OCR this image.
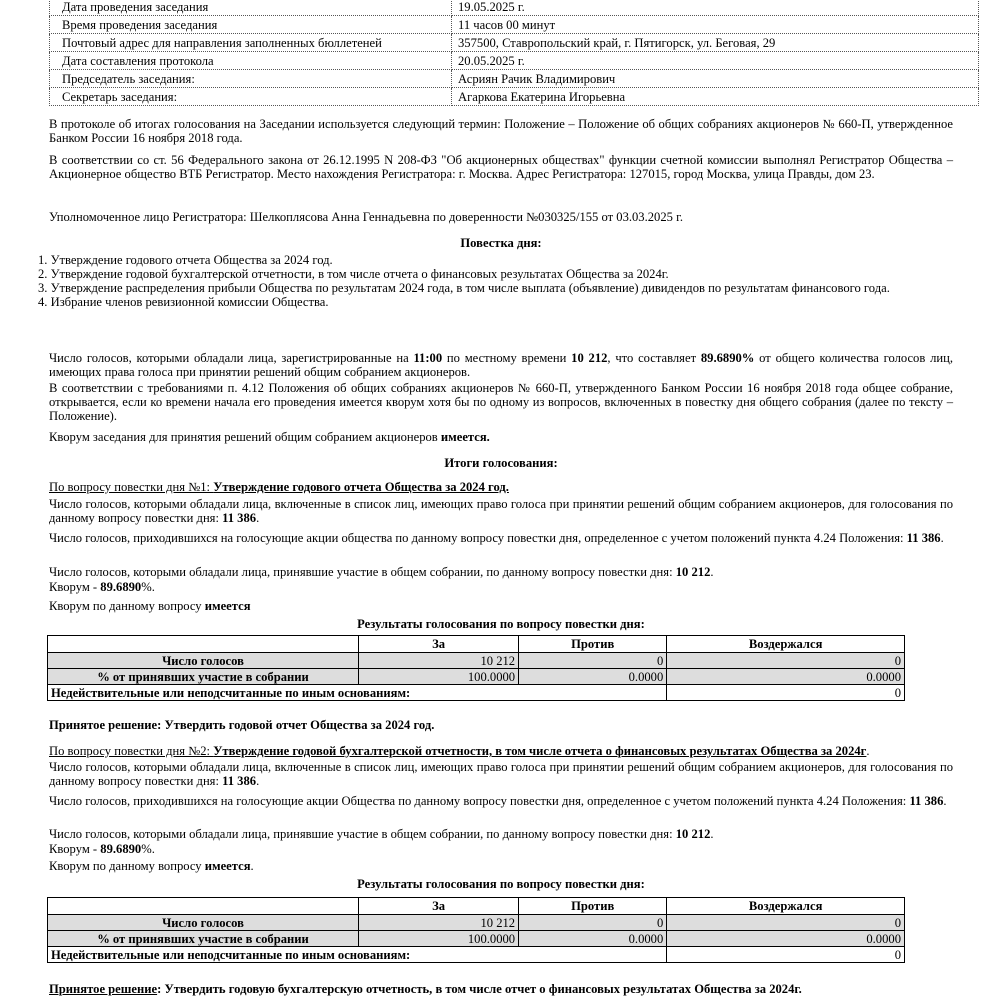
Дата проведения заседания	19.05.2025 г.
Время проведения заседания	11 часов 00 минут
Почтовый адрес для направления заполненных бюллетеней	357500, Ставропольский край, г. Пятигорск, ул. Беговая, 29
Дата составления протокола	20.05.2025 г.
Председатель заседания:	Асриян Рачик Владимирович
Секретарь заседания:	Агаркова Екатерина Игорьевна

В протоколе об итогах голосования на Заседании используется следующий термин: Положение – Положение об общих собраниях акционеров № 660-П, утвержденное Банком России 16 ноября 2018 года.

В соответствии со ст. 56 Федерального закона от 26.12.1995 N 208-ФЗ "Об акционерных обществах" функции счетной комиссии выполнял Регистратор Общества – Акционерное общество ВТБ Регистратор. Место нахождения Регистратора: г. Москва. Адрес Регистратора: 127015, город Москва, улица Правды, дом 23.

Уполномоченное лицо Регистратора: Шелкоплясова Анна Геннадьевна по доверенности №030325/155 от 03.03.2025 г.

Повестка дня:
1. Утверждение годового отчета Общества за 2024 год.
2. Утверждение годовой бухгалтерской отчетности, в том числе отчета о финансовых результатах Общества за 2024г.
3. Утверждение распределения прибыли Общества по результатам 2024 года, в том числе выплата (объявление) дивидендов по результатам финансового года.
4. Избрание членов ревизионной комиссии Общества.

Число голосов, которыми обладали лица, зарегистрированные на 11:00 по местному времени 10 212, что составляет 89.6890% от общего количества голосов лиц, имеющих права голоса при принятии решений общим собранием акционеров.

В соответствии с требованиями п. 4.12 Положения об общих собраниях акционеров № 660-П, утвержденного Банком России 16 ноября 2018 года общее собрание, открывается, если ко времени начала его проведения имеется кворум хотя бы по одному из вопросов, включенных в повестку дня общего собрания (далее по тексту – Положение).

Кворум заседания для принятия решений общим собранием акционеров имеется.

Итоги голосования:

По вопросу повестки дня №1: Утверждение годового отчета Общества за 2024 год.

Число голосов, которыми обладали лица, включенные в список лиц, имеющих право голоса при принятии решений общим собранием акционеров, для голосования по данному вопросу повестки дня: 11 386.

Число голосов, приходившихся на голосующие акции общества по данному вопросу повестки дня, определенное с учетом положений пункта 4.24 Положения: 11 386.

Число голосов, которыми обладали лица, принявшие участие в общем собрании, по данному вопросу повестки дня: 10 212.

Кворум - 89.6890%.

Кворум по данному вопросу имеется

Результаты голосования по вопросу повестки дня:
	За	Против	Воздержался
Число голосов	10 212	0	0
% от принявших участие в собрании	100.0000	0.0000	0.0000
Недействительные или неподсчитанные по иным основаниям:			0

Принятое решение: Утвердить годовой отчет Общества за 2024 год.

По вопросу повестки дня №2: Утверждение годовой бухгалтерской отчетности, в том числе отчета о финансовых результатах Общества за 2024г.

Число голосов, которыми обладали лица, включенные в список лиц, имеющих право голоса при принятии решений общим собранием акционеров, для голосования по данному вопросу повестки дня: 11 386.

Число голосов, приходившихся на голосующие акции Общества по данному вопросу повестки дня, определенное с учетом положений пункта 4.24 Положения: 11 386.

Число голосов, которыми обладали лица, принявшие участие в общем собрании, по данному вопросу повестки дня: 10 212.

Кворум - 89.6890%.

Кворум по данному вопросу имеется.

Результаты голосования по вопросу повестки дня:
	За	Против	Воздержался
Число голосов	10 212	0	0
% от принявших участие в собрании	100.0000	0.0000	0.0000
Недействительные или неподсчитанные по иным основаниям:			0

Принятое решение: Утвердить годовую бухгалтерскую отчетность, в том числе отчет о финансовых результатах Общества за 2024г.
